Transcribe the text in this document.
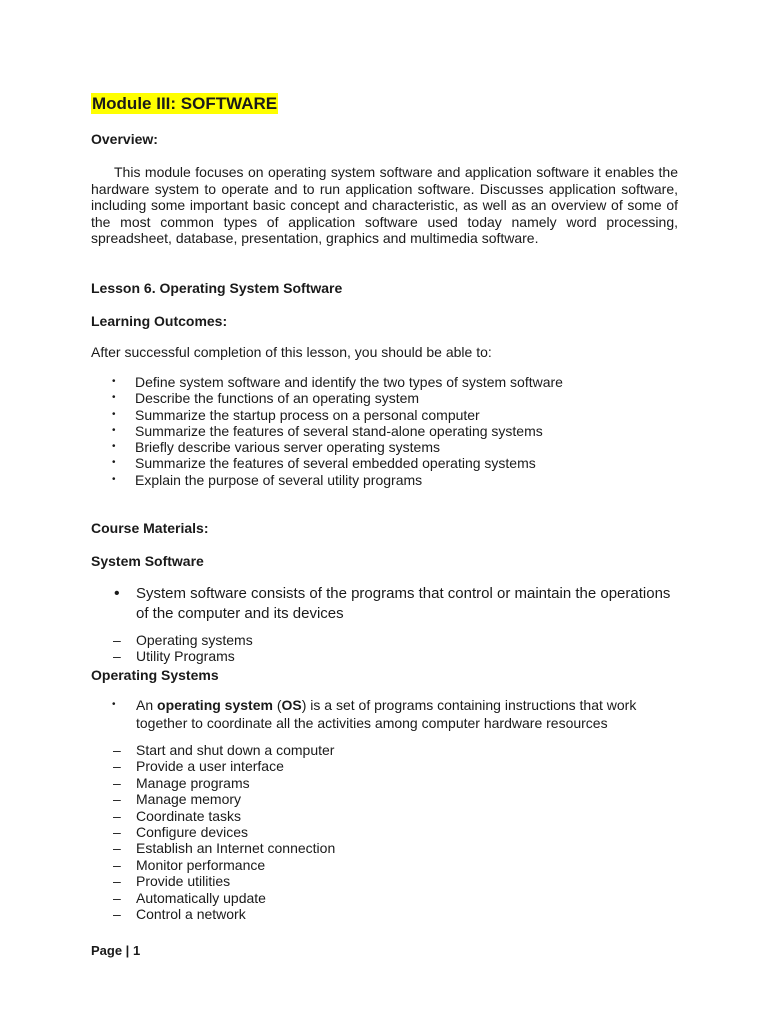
Module III: SOFTWARE
Overview:

This module focuses on operating system software and application software it enables the hardware system to operate and to run application software. Discusses application software, including some important basic concept and characteristic, as well as an overview of some of the most common types of application software used today namely word processing, spreadsheet, database, presentation, graphics and multimedia software.

Lesson 6. Operating System Software
Learning Outcomes:
After successful completion of this lesson, you should be able to:
• Define system software and identify the two types of system software
• Describe the functions of an operating system
• Summarize the startup process on a personal computer
• Summarize the features of several stand-alone operating systems
• Briefly describe various server operating systems
• Summarize the features of several embedded operating systems
• Explain the purpose of several utility programs
Course Materials:
System Software
• System software consists of the programs that control or maintain the operations of the computer and its devices
– Operating systems
– Utility Programs
Operating Systems
• An operating system (OS) is a set of programs containing instructions that work together to coordinate all the activities among computer hardware resources
– Start and shut down a computer
– Provide a user interface
– Manage programs
– Manage memory
– Coordinate tasks
– Configure devices
– Establish an Internet connection
– Monitor performance
– Provide utilities
– Automatically update
– Control a network
Page | 1
